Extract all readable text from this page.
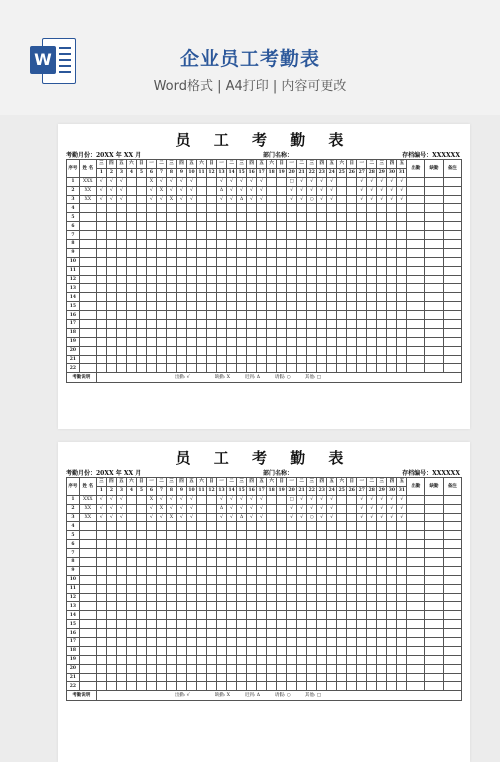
W	企业员工考勤表
Word格式 | A4打印 | 内容可更改
员 工 考 勤 表
考勤月份：20XX 年 XX 月	部门名称：	存档编号：XXXXXX
序号	姓 名	三	四	五	六	日	一	二	三	四	五	六	日	一	二	三	四	五	六	日	一	二	三	四	五	六	日	一	二	三	四	五	出勤	缺勤	备注
		1	2	3	4	5	6	7	8	9	10	11	12	13	14	15	16	17	18	19	20	21	22	23	24	25	26	27	28	29	30	31			
1	XXX	√	√	√			X	√	√	√	√			√	√	√	√	√			□	√	√	√	√			√	√	√	√	√			
2	XX	√	√	√			√	X	√	√	√			Δ	√	√	√	√			√	√	√	√	√			√	√	√	√	√			
3	XX	√	√	√			√	√	X	√	√			√	√	Δ	√	√			√	√	○	√	√			√	√	√	√	√			
4																																			
5																																			
6																																			
7																																			
8																																			
9																																			
10																																			
11																																			
12																																			
13																																			
14																																			
15																																			
16																																			
17																																			
18																																			
19																																			
20																																			
21																																			
22																																			
考勤说明		出勤: √ 缺勤: X 迟到: Δ 请假: ○ 其他: □																																	
员 工 考 勤 表
考勤月份：20XX 年 XX 月	部门名称：	存档编号：XXXXXX
序号	姓 名	三	四	五	六	日	一	二	三	四	五	六	日	一	二	三	四	五	六	日	一	二	三	四	五	六	日	一	二	三	四	五	出勤	缺勤	备注
		1	2	3	4	5	6	7	8	9	10	11	12	13	14	15	16	17	18	19	20	21	22	23	24	25	26	27	28	29	30	31			
1	XXX	√	√	√			X	√	√	√	√			√	√	√	√	√			□	√	√	√	√			√	√	√	√	√			
2	XX	√	√	√			√	X	√	√	√			Δ	√	√	√	√			√	√	√	√	√			√	√	√	√	√			
3	XX	√	√	√			√	√	X	√	√			√	√	Δ	√	√			√	√	○	√	√			√	√	√	√	√			
4																																			
5																																			
6																																			
7																																			
8																																			
9																																			
10																																			
11																																			
12																																			
13																																			
14																																			
15																																			
16																																			
17																																			
18																																			
19																																			
20																																			
21																																			
22																																			
考勤说明		出勤: √ 缺勤: X 迟到: Δ 请假: ○ 其他: □																																	
